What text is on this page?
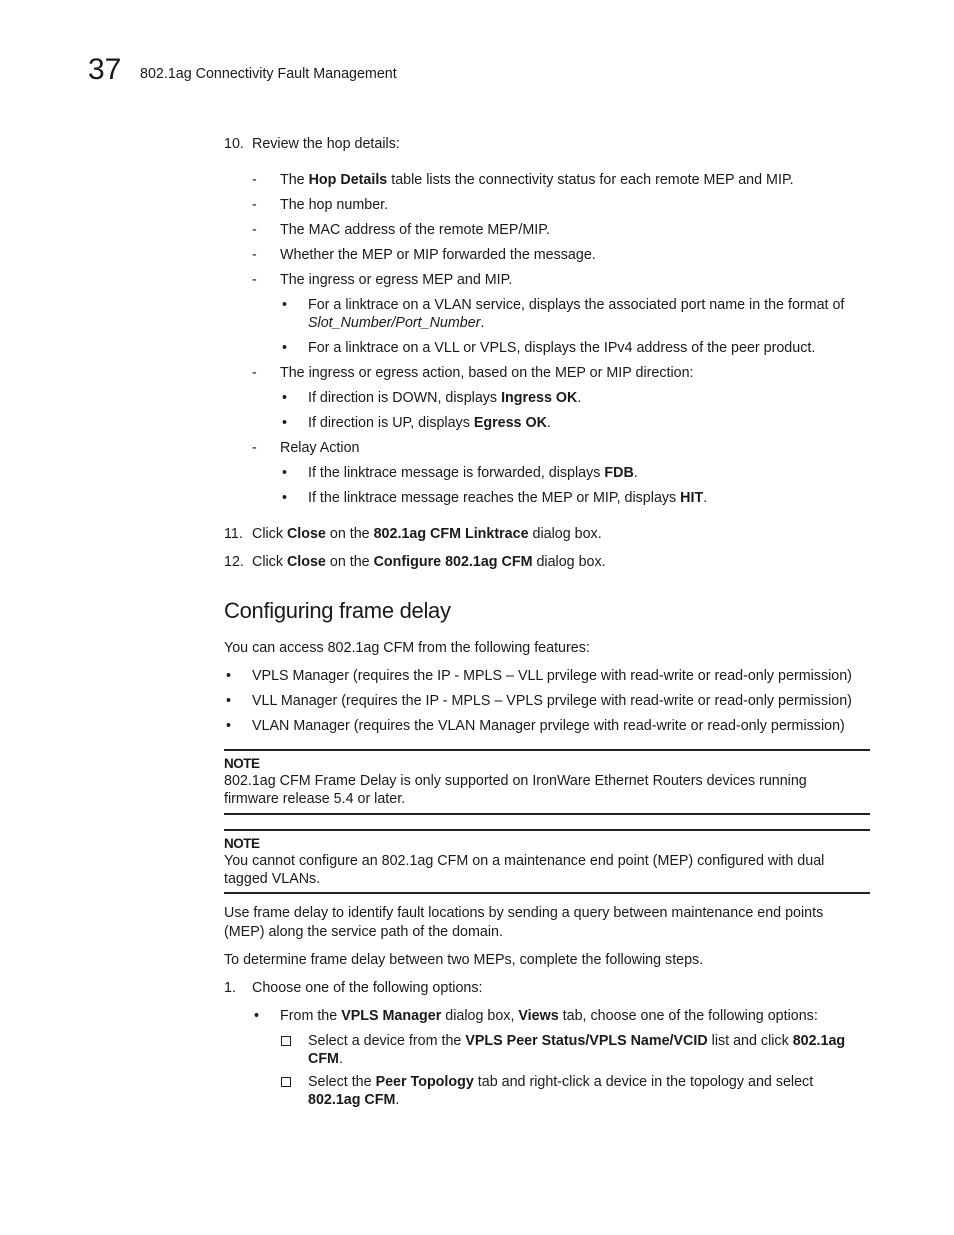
37 802.1ag Connectivity Fault Management
10. Review the hop details:
- The Hop Details table lists the connectivity status for each remote MEP and MIP.
- The hop number.
- The MAC address of the remote MEP/MIP.
- Whether the MEP or MIP forwarded the message.
- The ingress or egress MEP and MIP.
• For a linktrace on a VLAN service, displays the associated port name in the format of
Slot_Number/Port_Number.
• For a linktrace on a VLL or VPLS, displays the IPv4 address of the peer product.
- The ingress or egress action, based on the MEP or MIP direction:
• If direction is DOWN, displays Ingress OK.
• If direction is UP, displays Egress OK.
- Relay Action
• If the linktrace message is forwarded, displays FDB.
• If the linktrace message reaches the MEP or MIP, displays HIT.
11. Click Close on the 802.1ag CFM Linktrace dialog box.
12. Click Close on the Configure 802.1ag CFM dialog box.
Configuring frame delay
You can access 802.1ag CFM from the following features:
• VPLS Manager (requires the IP - MPLS – VLL prvilege with read-write or read-only permission)
• VLL Manager (requires the IP - MPLS – VPLS prvilege with read-write or read-only permission)
• VLAN Manager (requires the VLAN Manager prvilege with read-write or read-only permission)
NOTE
802.1ag CFM Frame Delay is only supported on IronWare Ethernet Routers devices running firmware release 5.4 or later.
NOTE
You cannot configure an 802.1ag CFM on a maintenance end point (MEP) configured with dual tagged VLANs.
Use frame delay to identify fault locations by sending a query between maintenance end points (MEP) along the service path of the domain.
To determine frame delay between two MEPs, complete the following steps.
1. Choose one of the following options:
• From the VPLS Manager dialog box, Views tab, choose one of the following options:
Select a device from the VPLS Peer Status/VPLS Name/VCID list and click 802.1ag CFM.
Select the Peer Topology tab and right-click a device in the topology and select 802.1ag CFM.
